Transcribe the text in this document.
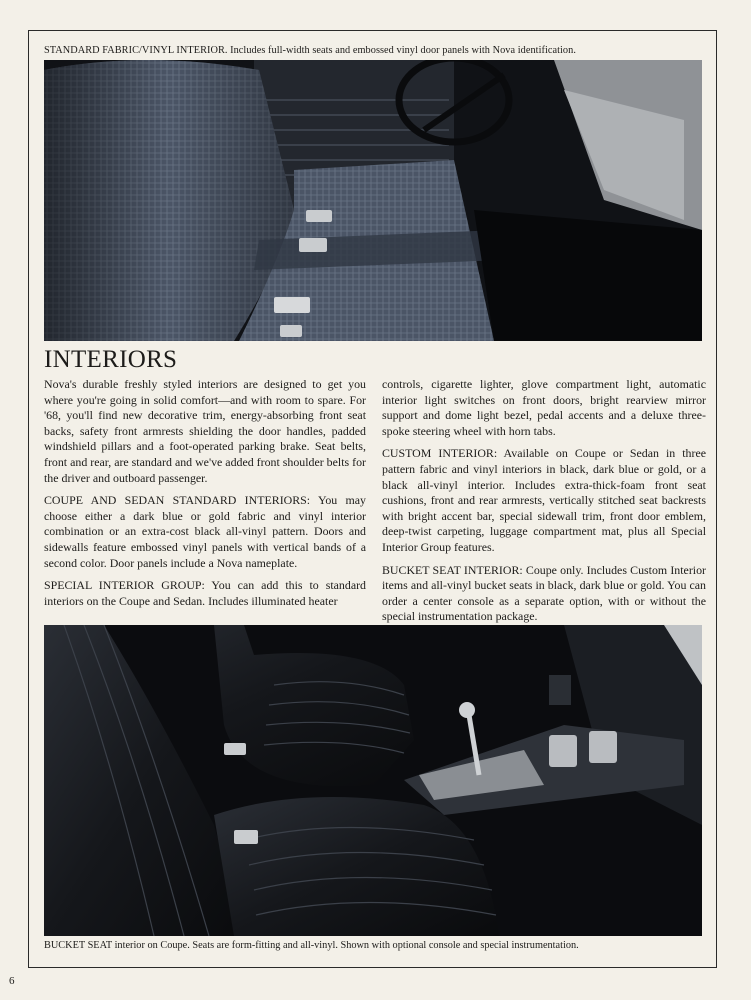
STANDARD FABRIC/VINYL INTERIOR. Includes full-width seats and embossed vinyl door panels with Nova identification.
INTERIORS

Nova's durable freshly styled interiors are designed to get you where you're going in solid comfort—and with room to spare. For '68, you'll find new decorative trim, energy-absorbing front seat backs, safety front armrests shielding the door handles, padded windshield pillars and a foot-operated parking brake. Seat belts, front and rear, are standard and we've added front shoulder belts for the driver and outboard passenger.

COUPE AND SEDAN STANDARD INTERIORS: You may choose either a dark blue or gold fabric and vinyl interior combination or an extra-cost black all-vinyl pattern. Doors and sidewalls feature embossed vinyl panels with vertical bands of a second color. Door panels include a Nova nameplate.

SPECIAL INTERIOR GROUP: You can add this to standard interiors on the Coupe and Sedan. Includes illuminated heater

controls, cigarette lighter, glove compartment light, automatic interior light switches on front doors, bright rearview mirror support and dome light bezel, pedal accents and a deluxe three-spoke steering wheel with horn tabs.

CUSTOM INTERIOR: Available on Coupe or Sedan in three pattern fabric and vinyl interiors in black, dark blue or gold, or a black all-vinyl interior. Includes extra-thick-foam front seat cushions, front and rear armrests, vertically stitched seat backrests with bright accent bar, special sidewall trim, front door emblem, deep-twist carpeting, luggage compartment mat, plus all Special Interior Group features.

BUCKET SEAT INTERIOR: Coupe only. Includes Custom Interior items and all-vinyl bucket seats in black, dark blue or gold. You can order a center console as a separate option, with or without the special instrumentation package.

BUCKET SEAT interior on Coupe. Seats are form-fitting and all-vinyl. Shown with optional console and special instrumentation.
6
